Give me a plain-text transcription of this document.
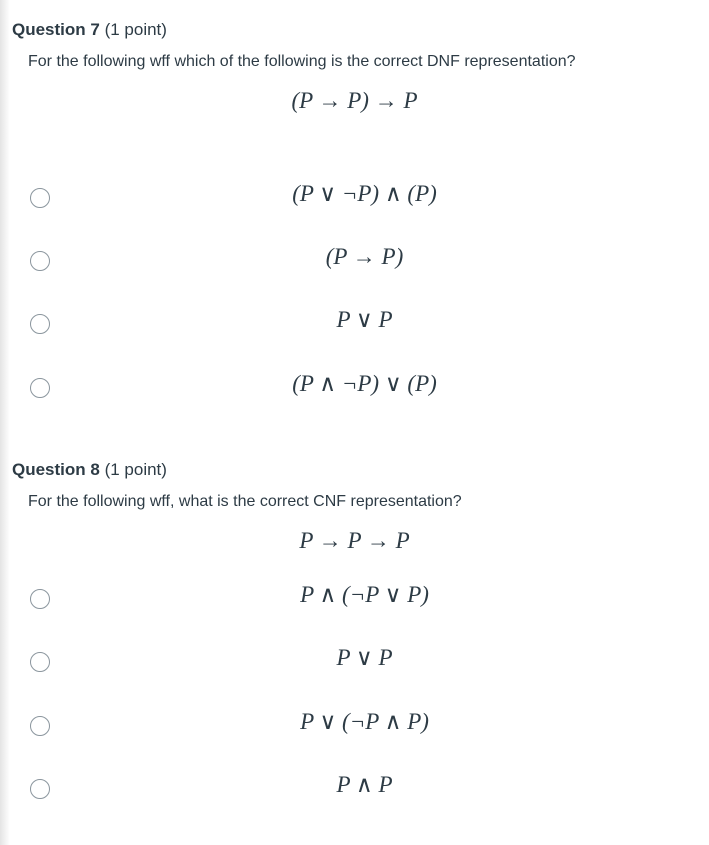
Question 7 (1 point)
For the following wff which of the following is the correct DNF representation?
(P → P) → P
(P ∨ ¬P) ∧ (P)
(P → P)
P ∨ P
(P ∧ ¬P) ∨ (P)
Question 8 (1 point)
For the following wff, what is the correct CNF representation?
P → P → P
P ∧ (¬P ∨ P)
P ∨ P
P ∨ (¬P ∧ P)
P ∧ P
